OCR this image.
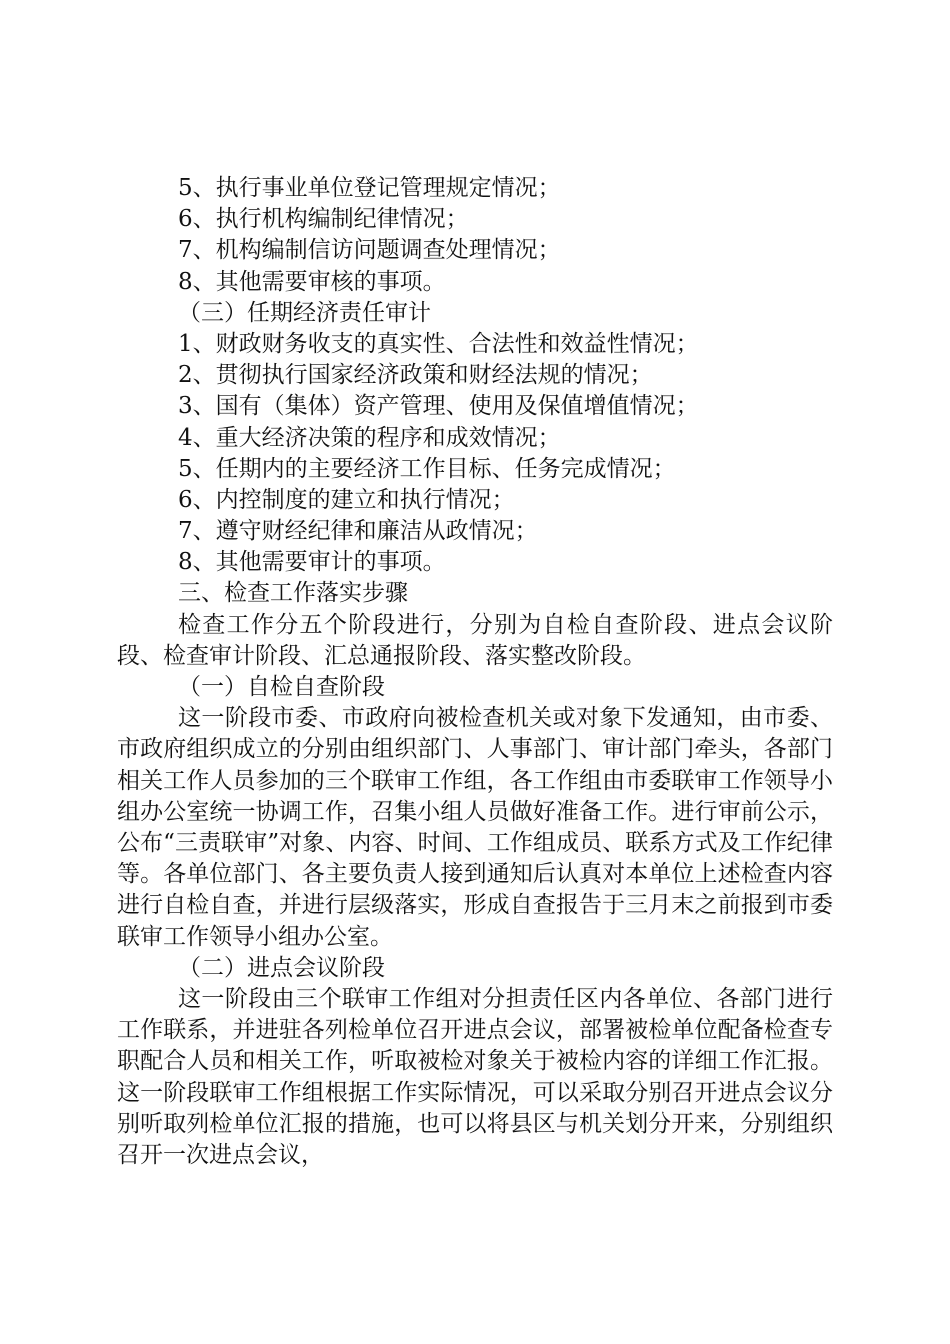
5、执行事业单位登记管理规定情况；
6、执行机构编制纪律情况；
7、机构编制信访问题调查处理情况；
8、其他需要审核的事项。
（三）任期经济责任审计
1、财政财务收支的真实性、合法性和效益性情况；
2、贯彻执行国家经济政策和财经法规的情况；
3、国有（集体）资产管理、使用及保值增值情况；
4、重大经济决策的程序和成效情况；
5、任期内的主要经济工作目标、任务完成情况；
6、内控制度的建立和执行情况；
7、遵守财经纪律和廉洁从政情况；
8、其他需要审计的事项。
三、检查工作落实步骤
检查工作分五个阶段进行，分别为自检自查阶段、进点会议阶段、检查审计阶段、汇总通报阶段、落实整改阶段。
（一）自检自查阶段
这一阶段市委、市政府向被检查机关或对象下发通知，由市委、市政府组织成立的分别由组织部门、人事部门、审计部门牵头，各部门相关工作人员参加的三个联审工作组，各工作组由市委联审工作领导小组办公室统一协调工作，召集小组人员做好准备工作。进行审前公示，公布“三责联审”对象、内容、时间、工作组成员、联系方式及工作纪律等。各单位部门、各主要负责人接到通知后认真对本单位上述检查内容进行自检自查，并进行层级落实，形成自查报告于三月末之前报到市委联审工作领导小组办公室。
（二）进点会议阶段
这一阶段由三个联审工作组对分担责任区内各单位、各部门进行工作联系，并进驻各列检单位召开进点会议，部署被检单位配备检查专职配合人员和相关工作，听取被检对象关于被检内容的详细工作汇报。这一阶段联审工作组根据工作实际情况，可以采取分别召开进点会议分别听取列检单位汇报的措施，也可以将县区与机关划分开来，分别组织召开一次进点会议，
